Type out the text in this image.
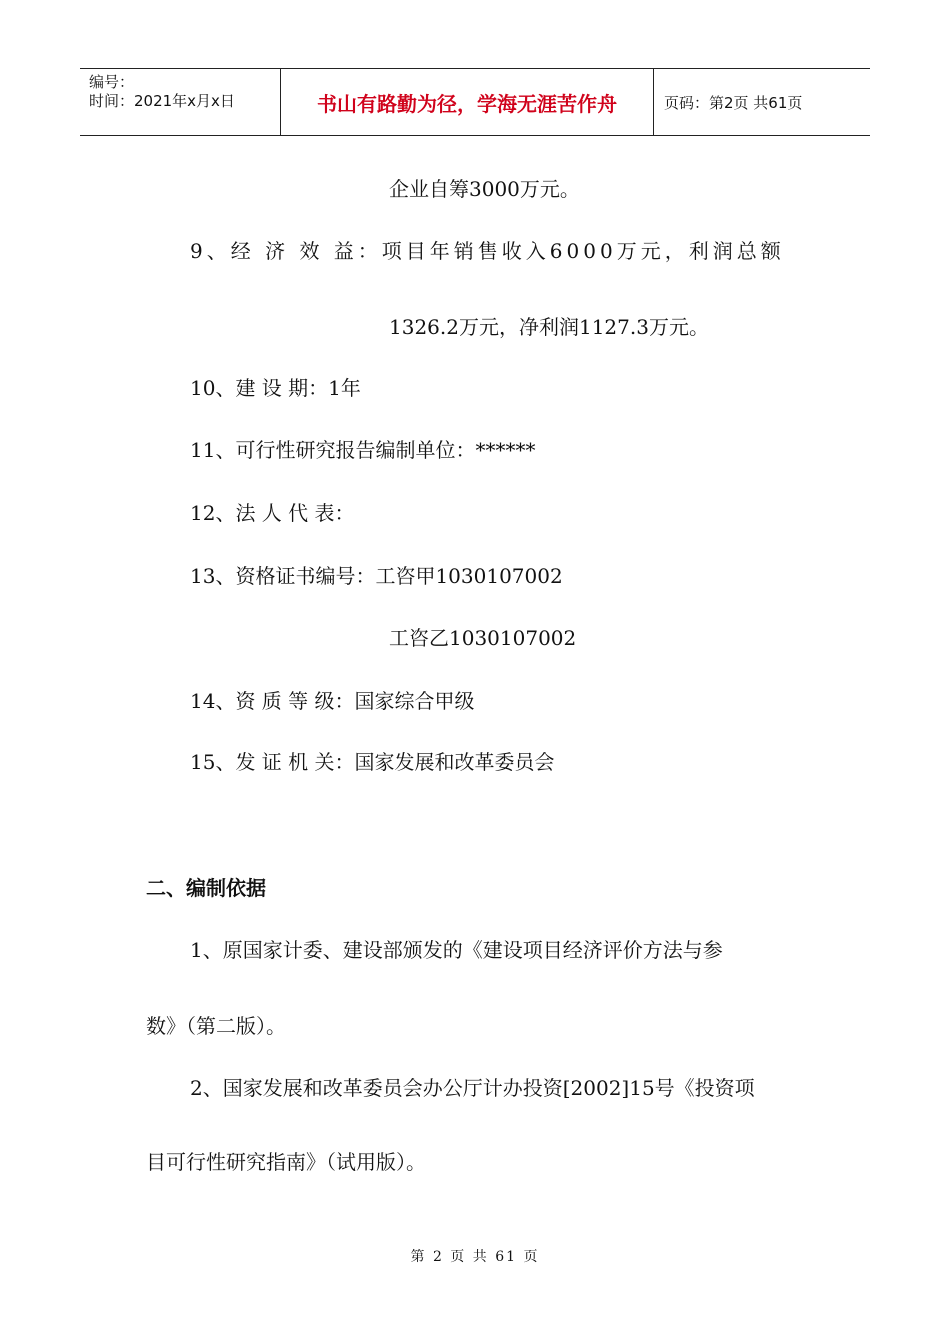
编号：
时间：2021年x月x日	书山有路勤为径，学海无涯苦作舟	页码：第2页 共61页
企业自筹3000万元。
9、经 济 效 益：项目年销售收入6000万元，利润总额
1326.2万元，净利润1127.3万元。
10、建 设 期：1年
11、可行性研究报告编制单位：******
12、法 人 代 表：
13、资格证书编号：工咨甲1030107002
工咨乙1030107002
14、资 质 等 级：国家综合甲级
15、发 证 机 关：国家发展和改革委员会
二、编制依据
1、原国家计委、建设部颁发的《建设项目经济评价方法与参
数》（第二版）。
2、国家发展和改革委员会办公厅计办投资[2002]15号《投资项
目可行性研究指南》（试用版）。
第 2 页 共 61 页
